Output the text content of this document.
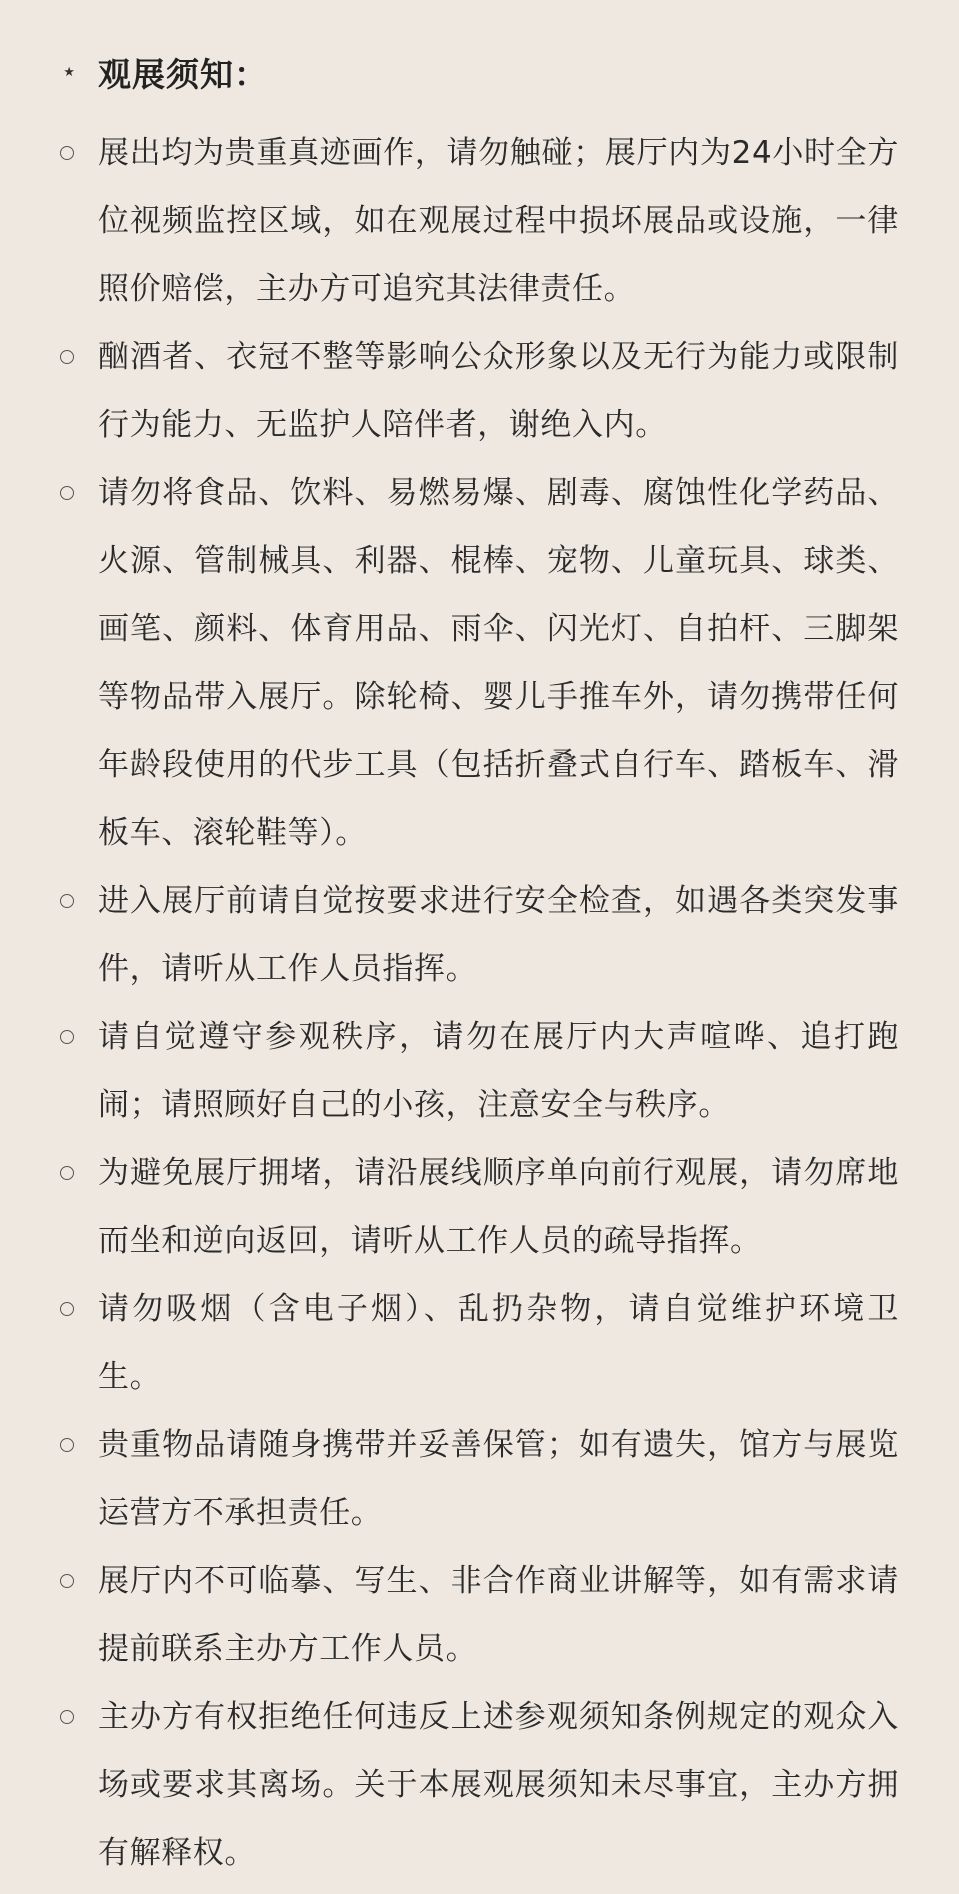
⋆ 观展须知：
展出均为贵重真迹画作，请勿触碰；展厅内为24小时全方位视频监控区域，如在观展过程中损坏展品或设施，一律照价赔偿，主办方可追究其法律责任。
酗酒者、衣冠不整等影响公众形象以及无行为能力或限制行为能力、无监护人陪伴者，谢绝入内。
请勿将食品、饮料、易燃易爆、剧毒、腐蚀性化学药品、火源、管制械具、利器、棍棒、宠物、儿童玩具、球类、画笔、颜料、体育用品、雨伞、闪光灯、自拍杆、三脚架等物品带入展厅。除轮椅、婴儿手推车外，请勿携带任何年龄段使用的代步工具（包括折叠式自行车、踏板车、滑板车、滚轮鞋等）。
进入展厅前请自觉按要求进行安全检查，如遇各类突发事件，请听从工作人员指挥。
请自觉遵守参观秩序，请勿在展厅内大声喧哗、追打跑闹；请照顾好自己的小孩，注意安全与秩序。
为避免展厅拥堵，请沿展线顺序单向前行观展，请勿席地而坐和逆向返回，请听从工作人员的疏导指挥。
请勿吸烟（含电子烟）、乱扔杂物，请自觉维护环境卫生。
贵重物品请随身携带并妥善保管；如有遗失，馆方与展览运营方不承担责任。
展厅内不可临摹、写生、非合作商业讲解等，如有需求请提前联系主办方工作人员。
主办方有权拒绝任何违反上述参观须知条例规定的观众入场或要求其离场。关于本展观展须知未尽事宜，主办方拥有解释权。
